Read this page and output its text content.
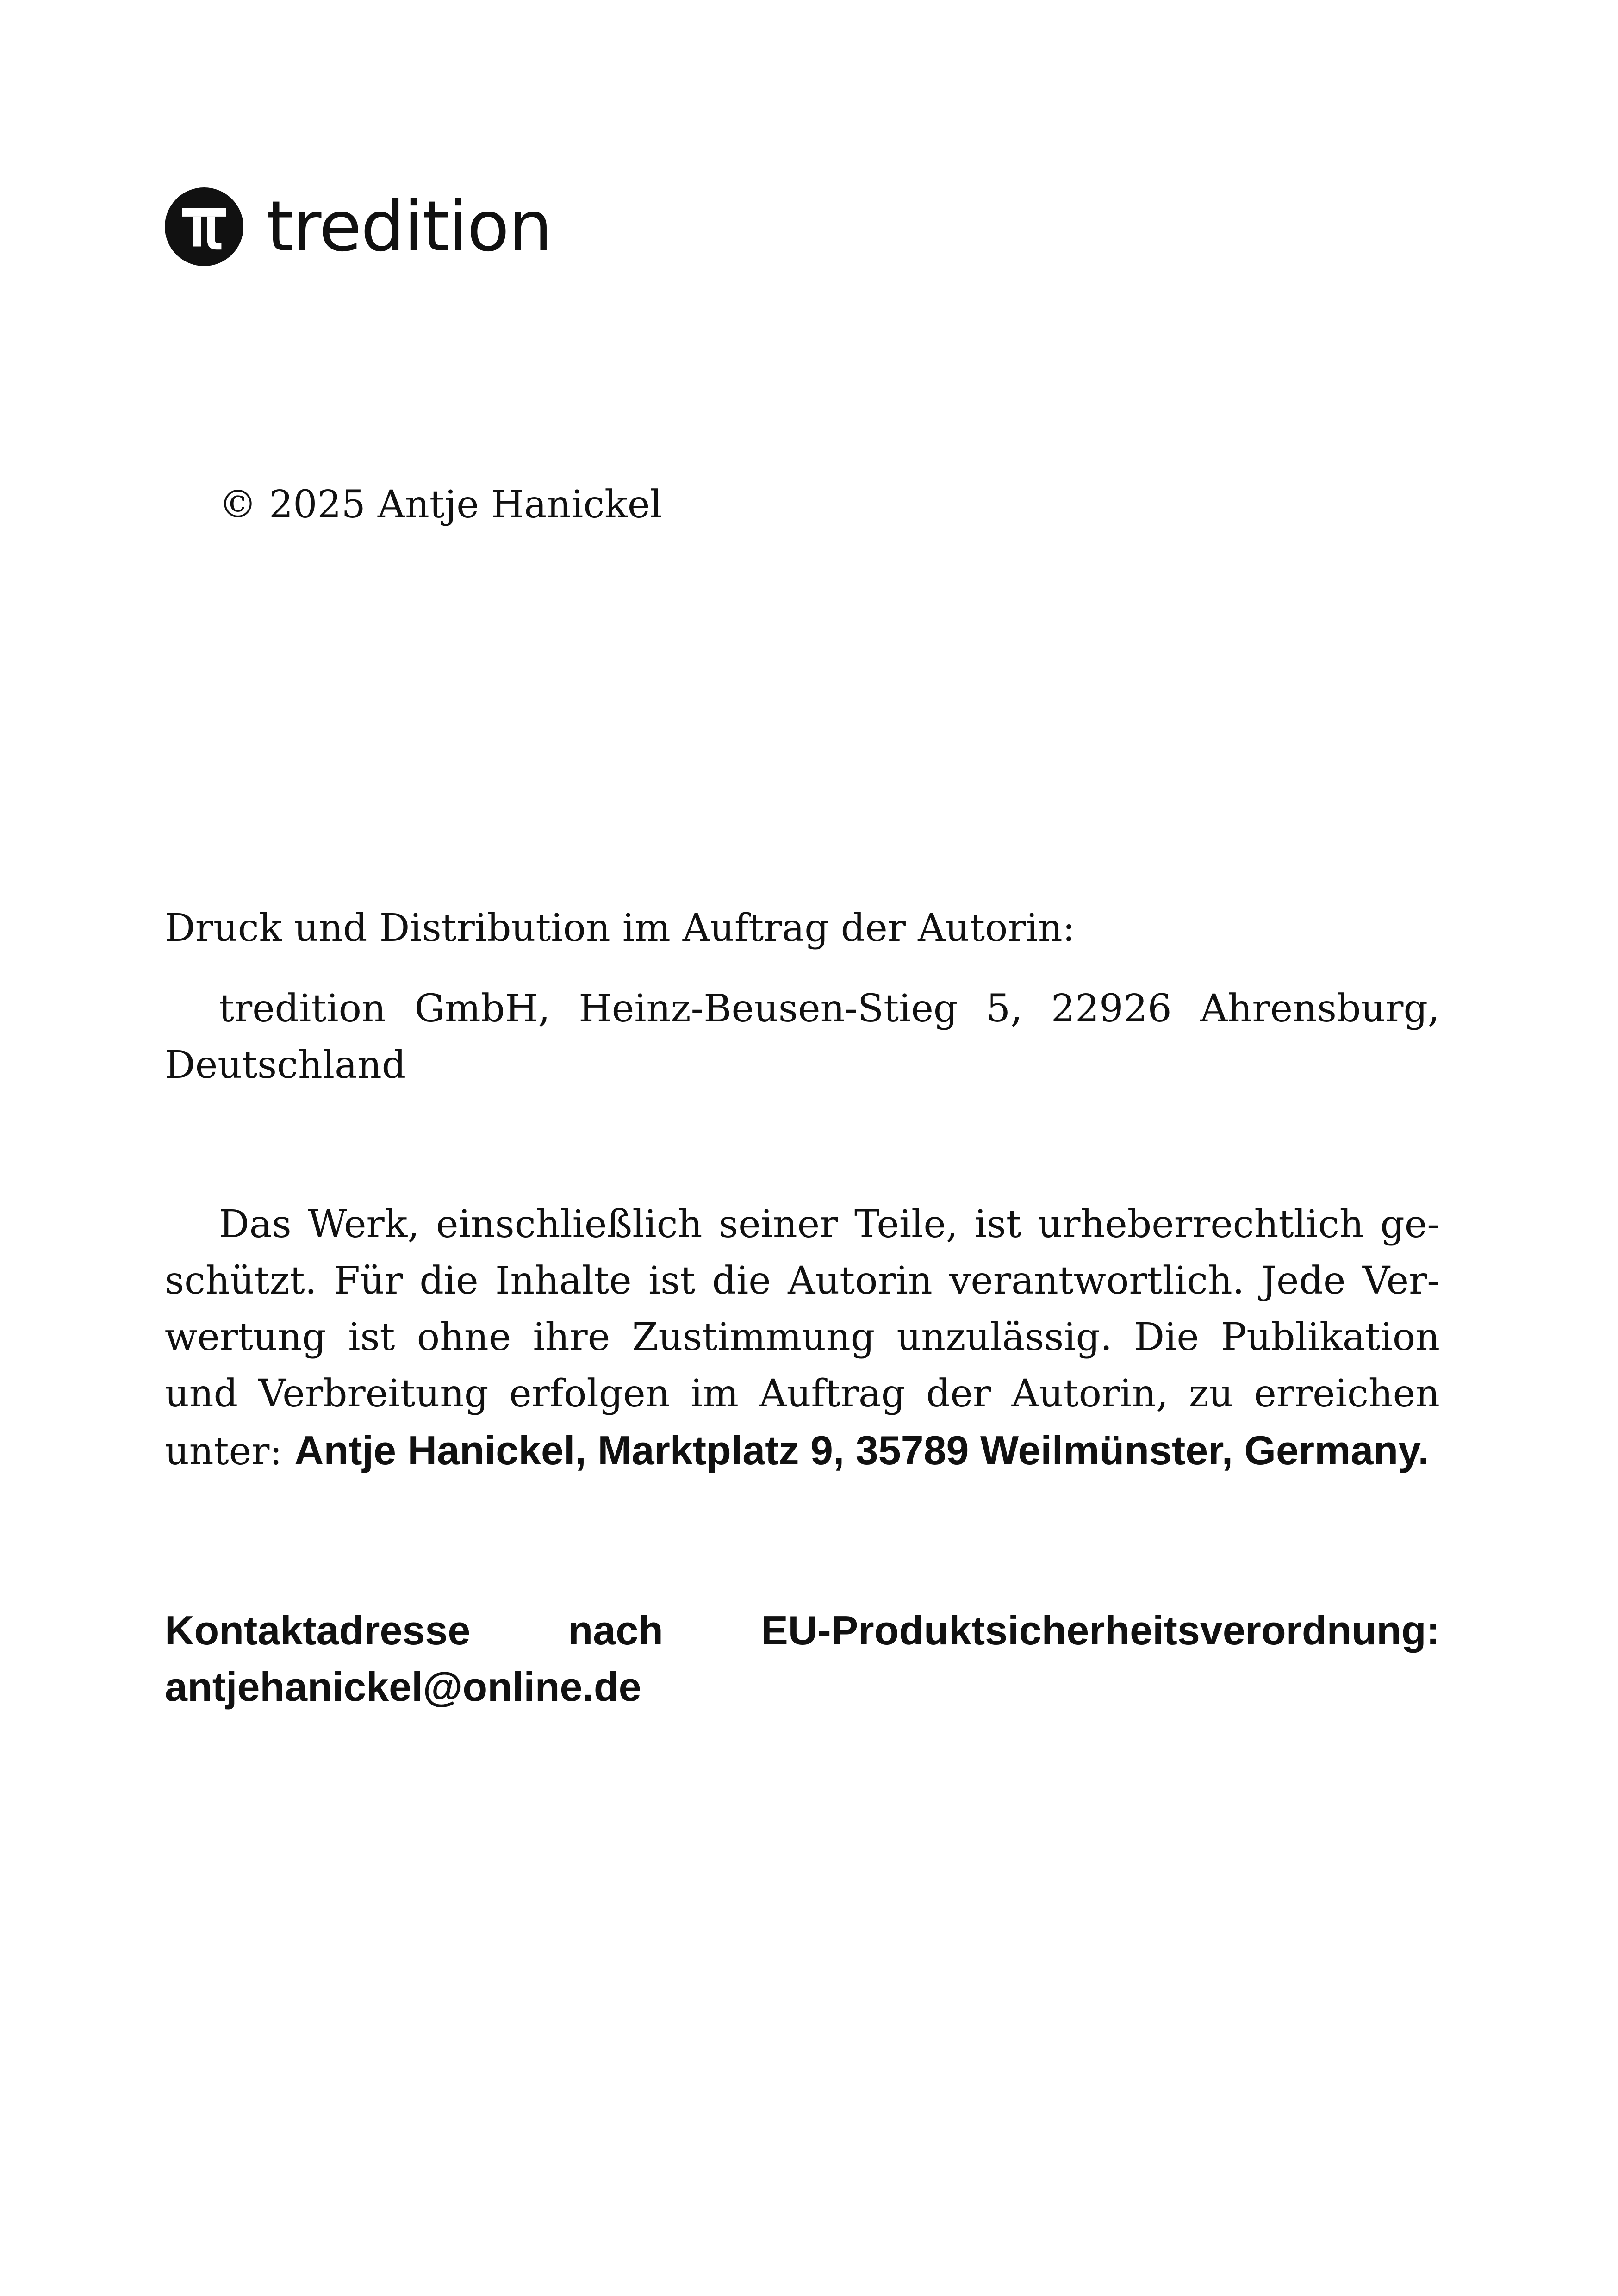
tredition
© 2025 Antje Hanickel

Druck und Distribution im Auftrag der Autorin:

tredition GmbH, Heinz-Beusen-Stieg 5, 22926 Ahrensburg, Deutschland

Das Werk, einschließlich seiner Teile, ist urheberrechtlich geschützt. Für die Inhalte ist die Autorin verantwortlich. Jede Verwertung ist ohne ihre Zustimmung unzulässig. Die Publikation und Verbreitung erfolgen im Auftrag der Autorin, zu erreichen unter: Antje Hanickel, Marktplatz 9, 35789 Weilmünster, Germany.

Kontaktadresse nach EU-Produktsicherheitsverordnung:
antjehanickel@online.de
